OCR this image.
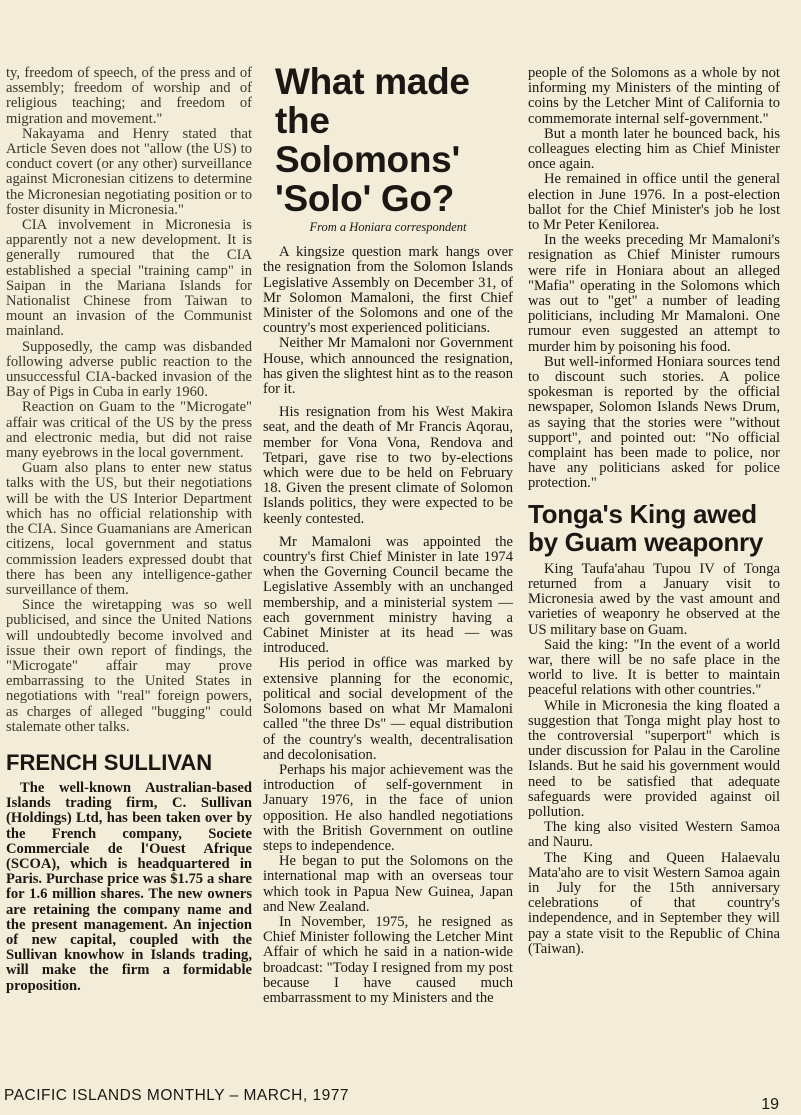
ty, freedom of speech, of the press and of assembly; freedom of worship and of religious teaching; and freedom of migration and movement."

Nakayama and Henry stated that Article Seven does not "allow (the US) to conduct covert (or any other) surveillance against Micronesian citizens to determine the Micronesian negotiating position or to foster disunity in Micronesia."

CIA involvement in Micronesia is apparently not a new development. It is generally rumoured that the CIA established a special "training camp" in Saipan in the Mariana Islands for Nationalist Chinese from Taiwan to mount an invasion of the Communist mainland.

Supposedly, the camp was disbanded following adverse public reaction to the unsuccessful CIA-backed invasion of the Bay of Pigs in Cuba in early 1960.

Reaction on Guam to the "Microgate" affair was critical of the US by the press and electronic media, but did not raise many eyebrows in the local government.

Guam also plans to enter new status talks with the US, but their negotiations will be with the US Interior Department which has no official relationship with the CIA. Since Guamanians are American citizens, local government and status commission leaders expressed doubt that there has been any intelligence-gather surveillance of them.

Since the wiretapping was so well publicised, and since the United Nations will undoubtedly become involved and issue their own report of findings, the "Microgate" affair may prove embarrassing to the United States in negotiations with "real" foreign powers, as charges of alleged "bugging" could stalemate other talks.

FRENCH SULLIVAN

The well-known Australian-based Islands trading firm, C. Sullivan (Holdings) Ltd, has been taken over by the French company, Societe Commerciale de l'Ouest Afrique (SCOA), which is headquartered in Paris. Purchase price was $1.75 a share for 1.6 million shares. The new owners are retaining the company name and the present management. An injection of new capital, coupled with the Sullivan knowhow in Islands trading, will make the firm a formidable proposition.

What made the Solomons' 'Solo' Go?
From a Honiara correspondent

A kingsize question mark hangs over the resignation from the Solomon Islands Legislative Assembly on December 31, of Mr Solomon Mamaloni, the first Chief Minister of the Solomons and one of the country's most experienced politicians.

Neither Mr Mamaloni nor Government House, which announced the resignation, has given the slightest hint as to the reason for it.

His resignation from his West Makira seat, and the death of Mr Francis Aqorau, member for Vona Vona, Rendova and Tetpari, gave rise to two by-elections which were due to be held on February 18. Given the present climate of Solomon Islands politics, they were expected to be keenly contested.

Mr Mamaloni was appointed the country's first Chief Minister in late 1974 when the Governing Council became the Legislative Assembly with an unchanged membership, and a ministerial system — each government ministry having a Cabinet Minister at its head — was introduced.

His period in office was marked by extensive planning for the economic, political and social development of the Solomons based on what Mr Mamaloni called "the three Ds" — equal distribution of the country's wealth, decentralisation and decolonisation.

Perhaps his major achievement was the introduction of self-government in January 1976, in the face of union opposition. He also handled negotiations with the British Government on outline steps to independence.

He began to put the Solomons on the international map with an overseas tour which took in Papua New Guinea, Japan and New Zealand.

In November, 1975, he resigned as Chief Minister following the Letcher Mint Affair of which he said in a nation-wide broadcast: "Today I resigned from my post because I have caused much embarrassment to my Ministers and the

people of the Solomons as a whole by not informing my Ministers of the minting of coins by the Letcher Mint of California to commemorate internal self-government."

But a month later he bounced back, his colleagues electing him as Chief Minister once again.

He remained in office until the general election in June 1976. In a post-election ballot for the Chief Minister's job he lost to Mr Peter Kenilorea.

In the weeks preceding Mr Mamaloni's resignation as Chief Minister rumours were rife in Honiara about an alleged "Mafia" operating in the Solomons which was out to "get" a number of leading politicians, including Mr Mamaloni. One rumour even suggested an attempt to murder him by poisoning his food.

But well-informed Honiara sources tend to discount such stories. A police spokesman is reported by the official newspaper, Solomon Islands News Drum, as saying that the stories were "without support", and pointed out: "No official complaint has been made to police, nor have any politicians asked for police protection."

Tonga's King awed by Guam weaponry

King Taufa'ahau Tupou IV of Tonga returned from a January visit to Micronesia awed by the vast amount and varieties of weaponry he observed at the US military base on Guam.

Said the king: "In the event of a world war, there will be no safe place in the world to live. It is better to maintain peaceful relations with other countries."

While in Micronesia the king floated a suggestion that Tonga might play host to the controversial "superport" which is under discussion for Palau in the Caroline Islands. But he said his government would need to be satisfied that adequate safeguards were provided against oil pollution.

The king also visited Western Samoa and Nauru.

The King and Queen Halaevalu Mata'aho are to visit Western Samoa again in July for the 15th anniversary celebrations of that country's independence, and in September they will pay a state visit to the Republic of China (Taiwan).

PACIFIC ISLANDS MONTHLY – MARCH, 1977
19
